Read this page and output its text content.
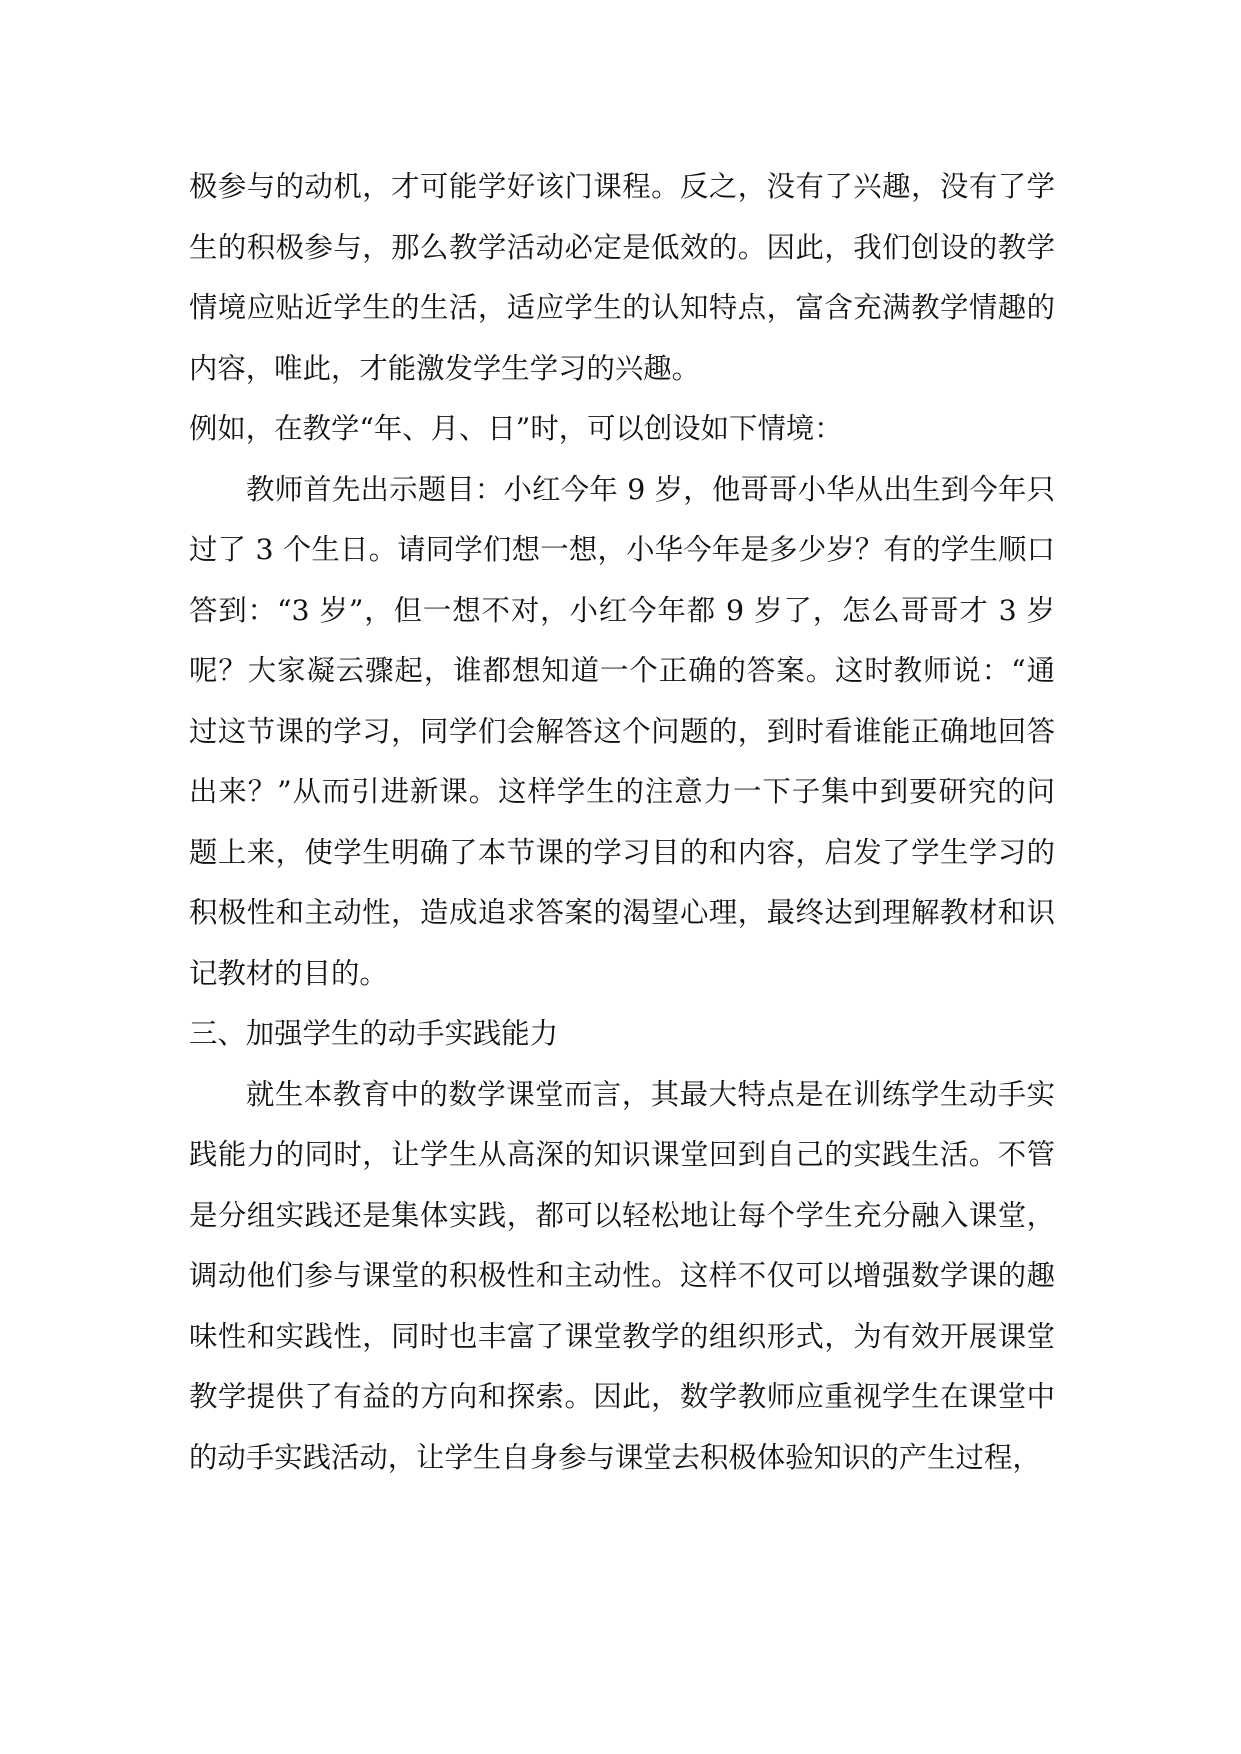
极参与的动机，才可能学好该门课程。反之，没有了兴趣，没有了学生的积极参与，那么教学活动必定是低效的。因此，我们创设的教学情境应贴近学生的生活，适应学生的认知特点，富含充满教学情趣的内容，唯此，才能激发学生学习的兴趣。

例如，在教学“年、月、日”时，可以创设如下情境：

教师首先出示题目：小红今年 9 岁，他哥哥小华从出生到今年只过了 3 个生日。请同学们想一想，小华今年是多少岁？有的学生顺口答到：“3 岁”，但一想不对，小红今年都 9 岁了，怎么哥哥才 3 岁呢？大家凝云骤起，谁都想知道一个正确的答案。这时教师说：“通过这节课的学习，同学们会解答这个问题的，到时看谁能正确地回答出来？”从而引进新课。这样学生的注意力一下子集中到要研究的问题上来，使学生明确了本节课的学习目的和内容，启发了学生学习的积极性和主动性，造成追求答案的渴望心理，最终达到理解教材和识记教材的目的。

三、加强学生的动手实践能力

就生本教育中的数学课堂而言，其最大特点是在训练学生动手实践能力的同时，让学生从高深的知识课堂回到自己的实践生活。不管是分组实践还是集体实践，都可以轻松地让每个学生充分融入课堂，调动他们参与课堂的积极性和主动性。这样不仅可以增强数学课的趣味性和实践性，同时也丰富了课堂教学的组织形式，为有效开展课堂教学提供了有益的方向和探索。因此，数学教师应重视学生在课堂中的动手实践活动，让学生自身参与课堂去积极体验知识的产生过程，
